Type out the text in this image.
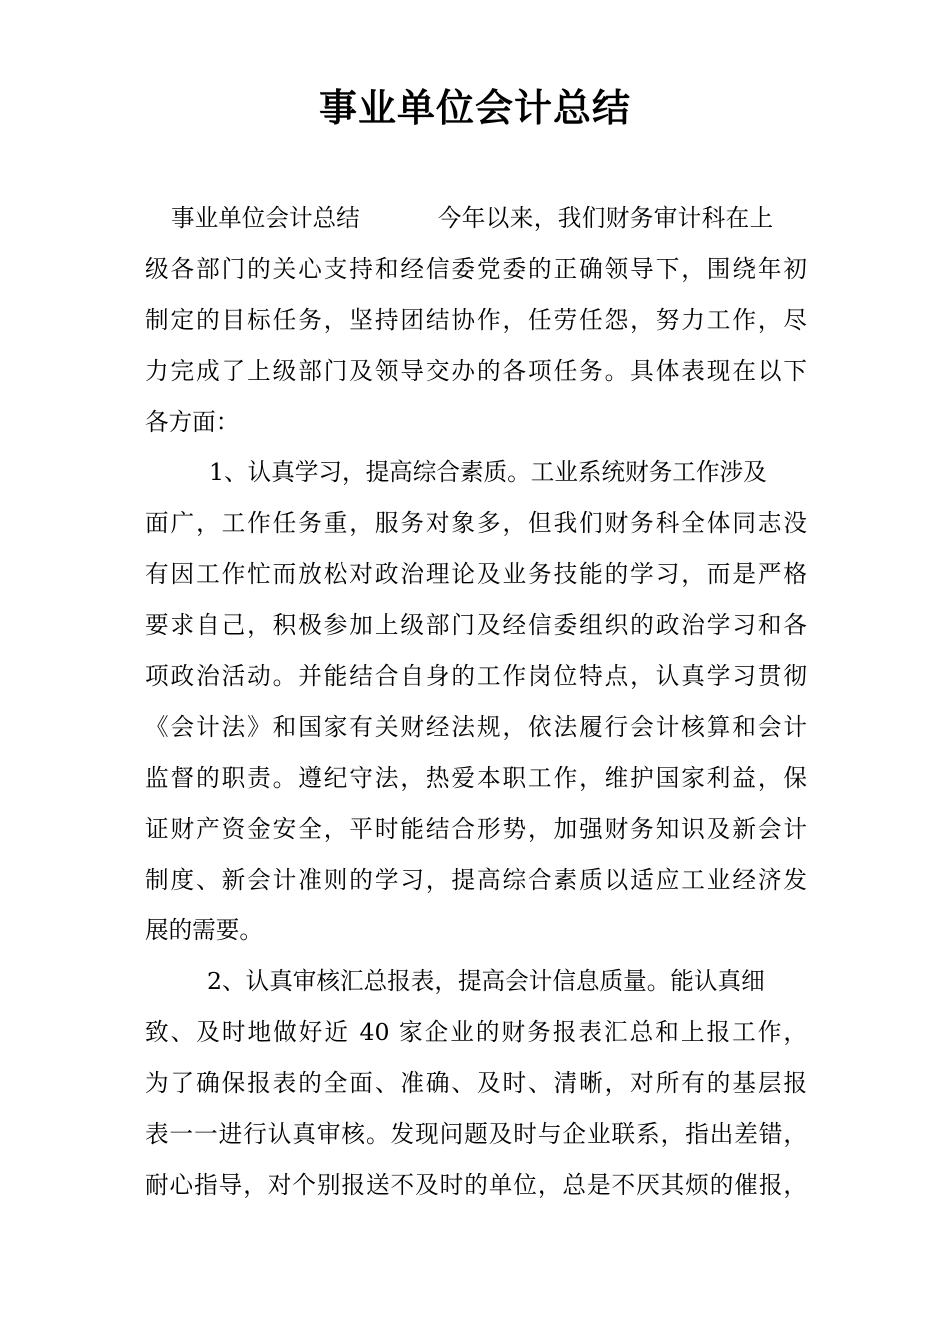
事业单位会计总结
事业单位会计总结	今年以来，我们财务审计科在上
级各部门的关心支持和经信委党委的正确领导下，围绕年初
制定的目标任务，坚持团结协作，任劳任怨，努力工作，尽
力完成了上级部门及领导交办的各项任务。具体表现在以下
各方面：
1、认真学习，提高综合素质。工业系统财务工作涉及
面广，工作任务重，服务对象多，但我们财务科全体同志没
有因工作忙而放松对政治理论及业务技能的学习，而是严格
要求自己，积极参加上级部门及经信委组织的政治学习和各
项政治活动。并能结合自身的工作岗位特点，认真学习贯彻
《会计法》和国家有关财经法规，依法履行会计核算和会计
监督的职责。遵纪守法，热爱本职工作，维护国家利益，保
证财产资金安全，平时能结合形势，加强财务知识及新会计
制度、新会计准则的学习，提高综合素质以适应工业经济发
展的需要。
2、认真审核汇总报表，提高会计信息质量。能认真细
致、及时地做好近 40 家企业的财务报表汇总和上报工作，
为了确保报表的全面、准确、及时、清晰，对所有的基层报
表一一进行认真审核。发现问题及时与企业联系，指出差错，
耐心指导，对个别报送不及时的单位，总是不厌其烦的催报，
